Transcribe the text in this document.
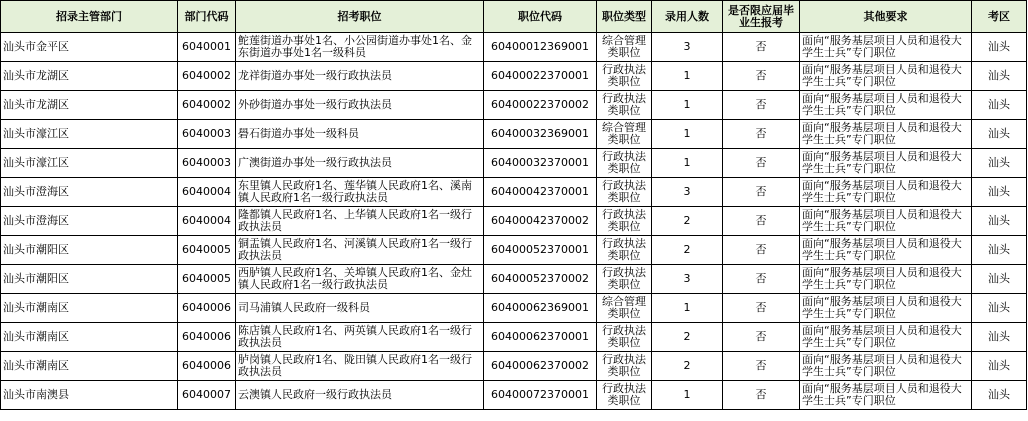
招录主管部门	部门代码	招考职位	职位代码	职位类型	录用人数	是否限应届毕业生报考	其他要求	考区
汕头市金平区	6040001	鮀莲街道办事处1名、小公园街道办事处1名、金东街道办事处1名一级科员	60400012369001	综合管理类职位	3	否	面向“服务基层项目人员和退役大学生士兵”专门职位	汕头
汕头市龙湖区	6040002	龙祥街道办事处一级行政执法员	60400022370001	行政执法类职位	1	否	面向“服务基层项目人员和退役大学生士兵”专门职位	汕头
汕头市龙湖区	6040002	外砂街道办事处一级行政执法员	60400022370002	行政执法类职位	1	否	面向“服务基层项目人员和退役大学生士兵”专门职位	汕头
汕头市濠江区	6040003	礐石街道办事处一级科员	60400032369001	综合管理类职位	1	否	面向“服务基层项目人员和退役大学生士兵”专门职位	汕头
汕头市濠江区	6040003	广澳街道办事处一级行政执法员	60400032370001	行政执法类职位	1	否	面向“服务基层项目人员和退役大学生士兵”专门职位	汕头
汕头市澄海区	6040004	东里镇人民政府1名、莲华镇人民政府1名、溪南镇人民政府1名一级行政执法员	60400042370001	行政执法类职位	3	否	面向“服务基层项目人员和退役大学生士兵”专门职位	汕头
汕头市澄海区	6040004	隆都镇人民政府1名、上华镇人民政府1名一级行政执法员	60400042370002	行政执法类职位	2	否	面向“服务基层项目人员和退役大学生士兵”专门职位	汕头
汕头市潮阳区	6040005	铜盂镇人民政府1名、河溪镇人民政府1名一级行政执法员	60400052370001	行政执法类职位	2	否	面向“服务基层项目人员和退役大学生士兵”专门职位	汕头
汕头市潮阳区	6040005	西胪镇人民政府1名、关埠镇人民政府1名、金灶镇人民政府1名一级行政执法员	60400052370002	行政执法类职位	3	否	面向“服务基层项目人员和退役大学生士兵”专门职位	汕头
汕头市潮南区	6040006	司马浦镇人民政府一级科员	60400062369001	综合管理类职位	1	否	面向“服务基层项目人员和退役大学生士兵”专门职位	汕头
汕头市潮南区	6040006	陈店镇人民政府1名、两英镇人民政府1名一级行政执法员	60400062370001	行政执法类职位	2	否	面向“服务基层项目人员和退役大学生士兵”专门职位	汕头
汕头市潮南区	6040006	胪岗镇人民政府1名、陇田镇人民政府1名一级行政执法员	60400062370002	行政执法类职位	2	否	面向“服务基层项目人员和退役大学生士兵”专门职位	汕头
汕头市南澳县	6040007	云澳镇人民政府一级行政执法员	60400072370001	行政执法类职位	1	否	面向“服务基层项目人员和退役大学生士兵”专门职位	汕头
